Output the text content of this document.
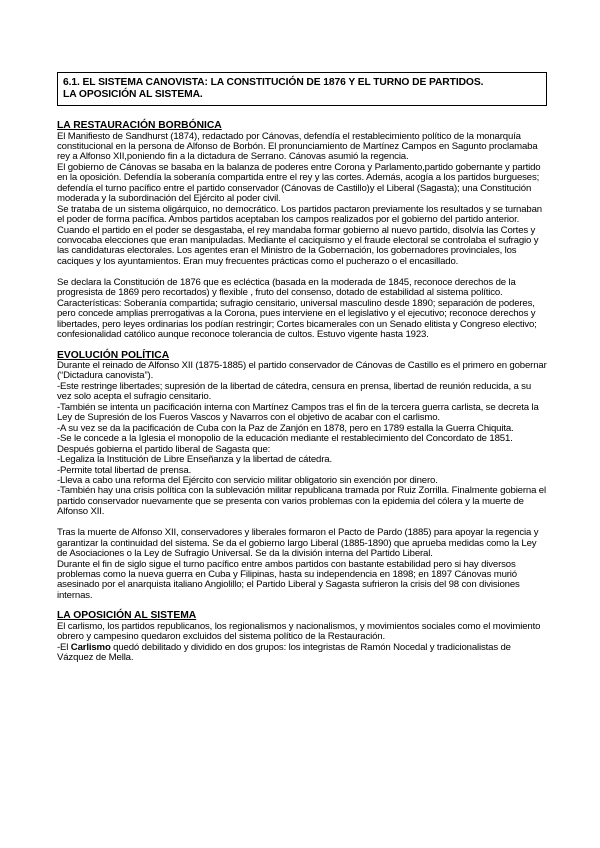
6.1. EL SISTEMA CANOVISTA: LA CONSTITUCIÓN DE 1876 Y EL TURNO DE PARTIDOS.

LA OPOSICIÓN AL SISTEMA.

LA RESTAURACIÓN BORBÓNICA

El Manifiesto de Sandhurst (1874), redactado por Cánovas, defendía el restablecimiento político de la monarquía constitucional en la persona de Alfonso de Borbón. El pronunciamiento de Martínez Campos en Sagunto proclamaba rey a Alfonso XII,poniendo fin a la dictadura de Serrano. Cánovas asumió la regencia.

El gobierno de Cánovas se basaba en la balanza de poderes entre Corona y Parlamento,partido gobernante y partido en la oposición. Defendía la soberanía compartida entre el rey y las cortes. Además, acogía a los partidos burgueses; defendía el turno pacífico entre el partido conservador (Cánovas de Castillo)y el Liberal (Sagasta); una Constitución moderada y la subordinación del Ejército al poder civil.

Se trataba de un sistema oligárquico, no democrático. Los partidos pactaron previamente los resultados y se turnaban el poder de forma pacífica. Ambos partidos aceptaban los campos realizados por el gobierno del partido anterior. Cuando el partido en el poder se desgastaba, el rey mandaba formar gobierno al nuevo partido, disolvía las Cortes y convocaba elecciones que eran manipuladas. Mediante el caciquismo y el fraude electoral se controlaba el sufragio y las candidaturas electorales. Los agentes eran el Ministro de la Gobernación, los gobernadores provinciales, los caciques y los ayuntamientos. Eran muy frecuentes prácticas como el pucherazo o el encasillado.

Se declara la Constitución de 1876 que es ecléctica (basada en la moderada de 1845, reconoce derechos de la progresista de 1869 pero recortados) y flexible , fruto del consenso, dotado de estabilidad al sistema político. Características: Soberanía compartida; sufragio censitario, universal masculino desde 1890; separación de poderes, pero concede amplias prerrogativas a la Corona, pues interviene en el legislativo y el ejecutivo; reconoce derechos y libertades, pero leyes ordinarias los podían restringir; Cortes bicamerales con un Senado elitista y Congreso electivo; confesionalidad católico aunque reconoce tolerancia de cultos. Estuvo vigente hasta 1923.

EVOLUCIÓN POLÍTICA

Durante el reinado de Alfonso XII (1875-1885) el partido conservador de Cánovas de Castillo es el primero en gobernar (“Dictadura canovista”).

-Este restringe libertades; supresión de la libertad de cátedra, censura en prensa, libertad de reunión reducida, a su vez solo acepta el sufragio censitario.

-También se intenta un pacificación interna con Martínez Campos tras el fin de la tercera guerra carlista, se decreta la Ley de Supresión de los Fueros Vascos y Navarros con el objetivo de acabar con el carlismo.

-A su vez se da la pacificación de Cuba con la Paz de Zanjón en 1878, pero en 1789 estalla la Guerra Chiquita.

-Se le concede a la Iglesia el monopolio de la educación mediante el restablecimiento del Concordato de 1851. Después gobierna el partido liberal de Sagasta que:

-Legaliza la Institución de Libre Enseñanza y la libertad de cátedra.

-Permite total libertad de prensa.

-Lleva a cabo una reforma del Ejército con servicio militar obligatorio sin exención por dinero.

-También hay una crisis política con la sublevación militar republicana tramada por Ruiz Zorrilla. Finalmente gobierna el partido conservador nuevamente que se presenta con varios problemas con la epidemia del cólera y la muerte de Alfonso XII.

Tras la muerte de Alfonso XII, conservadores y liberales formaron el Pacto de Pardo (1885) para apoyar la regencia y garantizar la continuidad del sistema. Se da el gobierno largo Liberal (1885-1890) que aprueba medidas como la Ley de Asociaciones o la Ley de Sufragio Universal. Se da la división interna del Partido Liberal.

Durante el fin de siglo sigue el turno pacífico entre ambos partidos con bastante estabilidad pero si hay diversos problemas como la nueva guerra en Cuba y Filipinas, hasta su independencia en 1898; en 1897 Cánovas murió asesinado por el anarquista italiano Angiolillo; el Partido Liberal y Sagasta sufrieron la crisis del 98 con divisiones internas.

LA OPOSICIÓN AL SISTEMA

El carlismo, los partidos republicanos, los regionalismos y nacionalismos, y movimientos sociales como el movimiento obrero y campesino quedaron excluidos del sistema político de la Restauración.

-El Carlismo quedó debilitado y dividido en dos grupos: los integristas de Ramón Nocedal y tradicionalistas de Vázquez de Mella.
